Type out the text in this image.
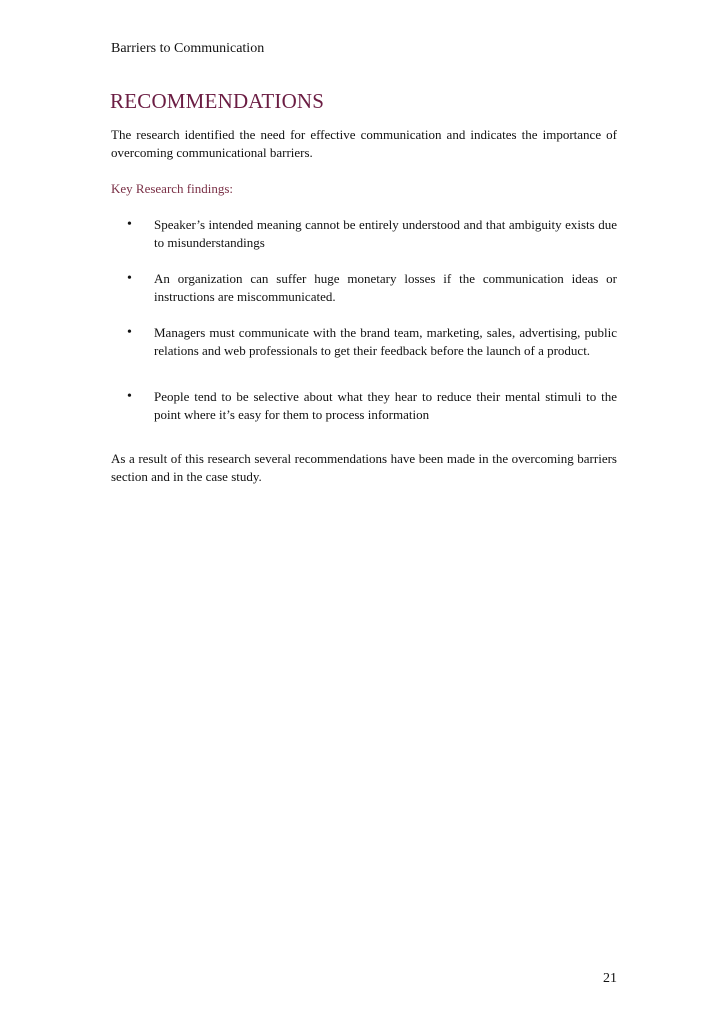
Barriers to Communication

RECOMMENDATIONS

The research identified the need for effective communication and indicates the importance of overcoming communicational barriers.

Key Research findings:

• Speaker’s intended meaning cannot be entirely understood and that ambiguity exists due to misunderstandings
• An organization can suffer huge monetary losses if the communication ideas or instructions are miscommunicated.
• Managers must communicate with the brand team, marketing, sales, advertising, public relations and web professionals to get their feedback before the launch of a product.
• People tend to be selective about what they hear to reduce their mental stimuli to the point where it’s easy for them to process information

As a result of this research several recommendations have been made in the overcoming barriers section and in the case study.

21
